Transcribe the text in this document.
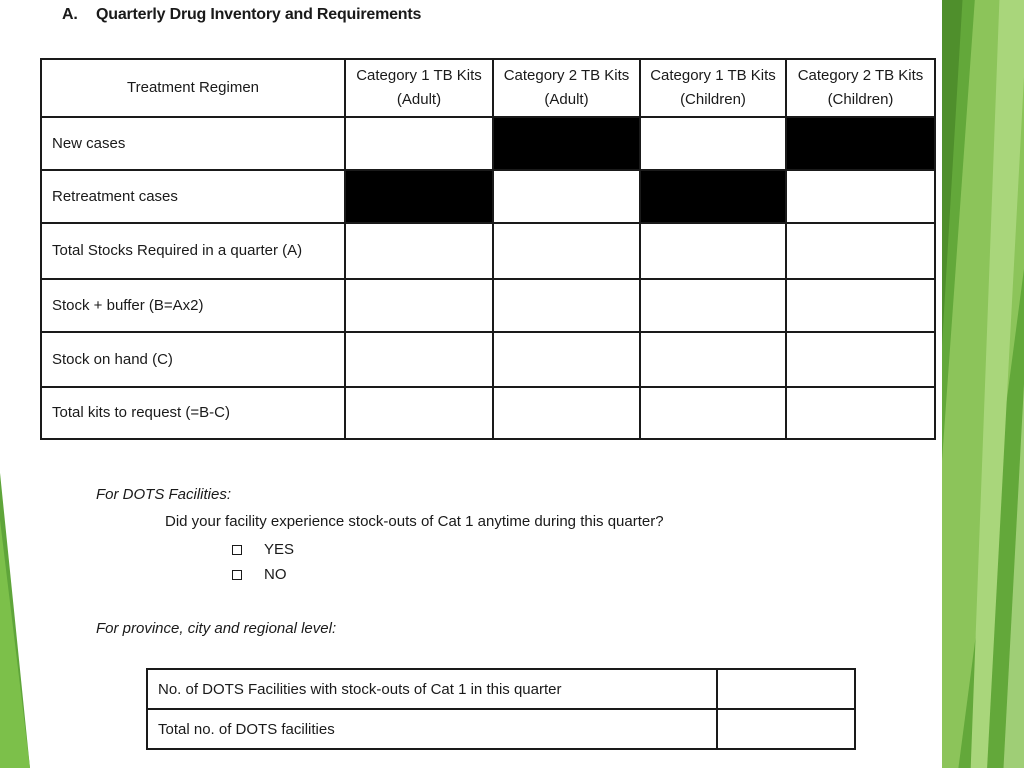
A. Quarterly Drug Inventory and Requirements
Treatment Regimen	Category 1 TB Kits (Adult)	Category 2 TB Kits (Adult)	Category 1 TB Kits (Children)	Category 2 TB Kits (Children)
New cases				
Retreatment cases				
Total Stocks Required in a quarter (A)				
Stock + buffer (B=Ax2)				
Stock on hand (C)				
Total kits to request (=B-C)				
For DOTS Facilities:
Did your facility experience stock-outs of Cat 1 anytime during this quarter?
YES
NO
For province, city and regional level:
No. of DOTS Facilities with stock-outs of Cat 1 in this quarter	
Total no. of DOTS facilities	
